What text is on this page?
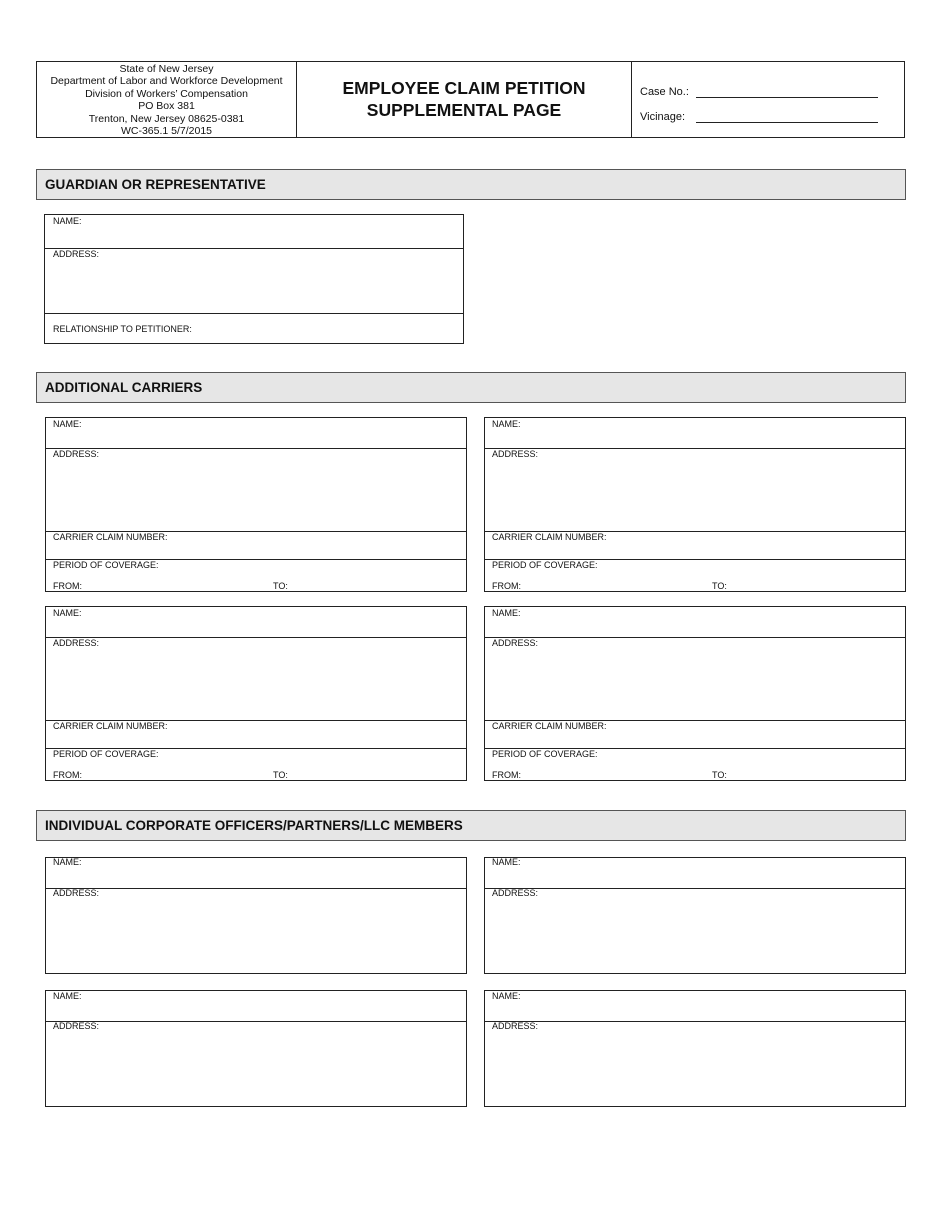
State of New Jersey
Department of Labor and Workforce Development
Division of Workers’ Compensation
PO Box 381
Trenton, New Jersey 08625-0381
WC-365.1 5/7/2015
EMPLOYEE CLAIM PETITION
SUPPLEMENTAL PAGE
Case No.:
Vicinage:
GUARDIAN OR REPRESENTATIVE
NAME:
ADDRESS:
RELATIONSHIP TO PETITIONER:
ADDITIONAL CARRIERS
NAME:
ADDRESS:
CARRIER CLAIM NUMBER:
PERIOD OF COVERAGE:
FROM:	TO:
NAME:
ADDRESS:
CARRIER CLAIM NUMBER:
PERIOD OF COVERAGE:
FROM:	TO:
NAME:
ADDRESS:
CARRIER CLAIM NUMBER:
PERIOD OF COVERAGE:
FROM:	TO:
NAME:
ADDRESS:
CARRIER CLAIM NUMBER:
PERIOD OF COVERAGE:
FROM:	TO:
INDIVIDUAL CORPORATE OFFICERS/PARTNERS/LLC MEMBERS
NAME:
ADDRESS:
NAME:
ADDRESS:
NAME:
ADDRESS:
NAME:
ADDRESS:
